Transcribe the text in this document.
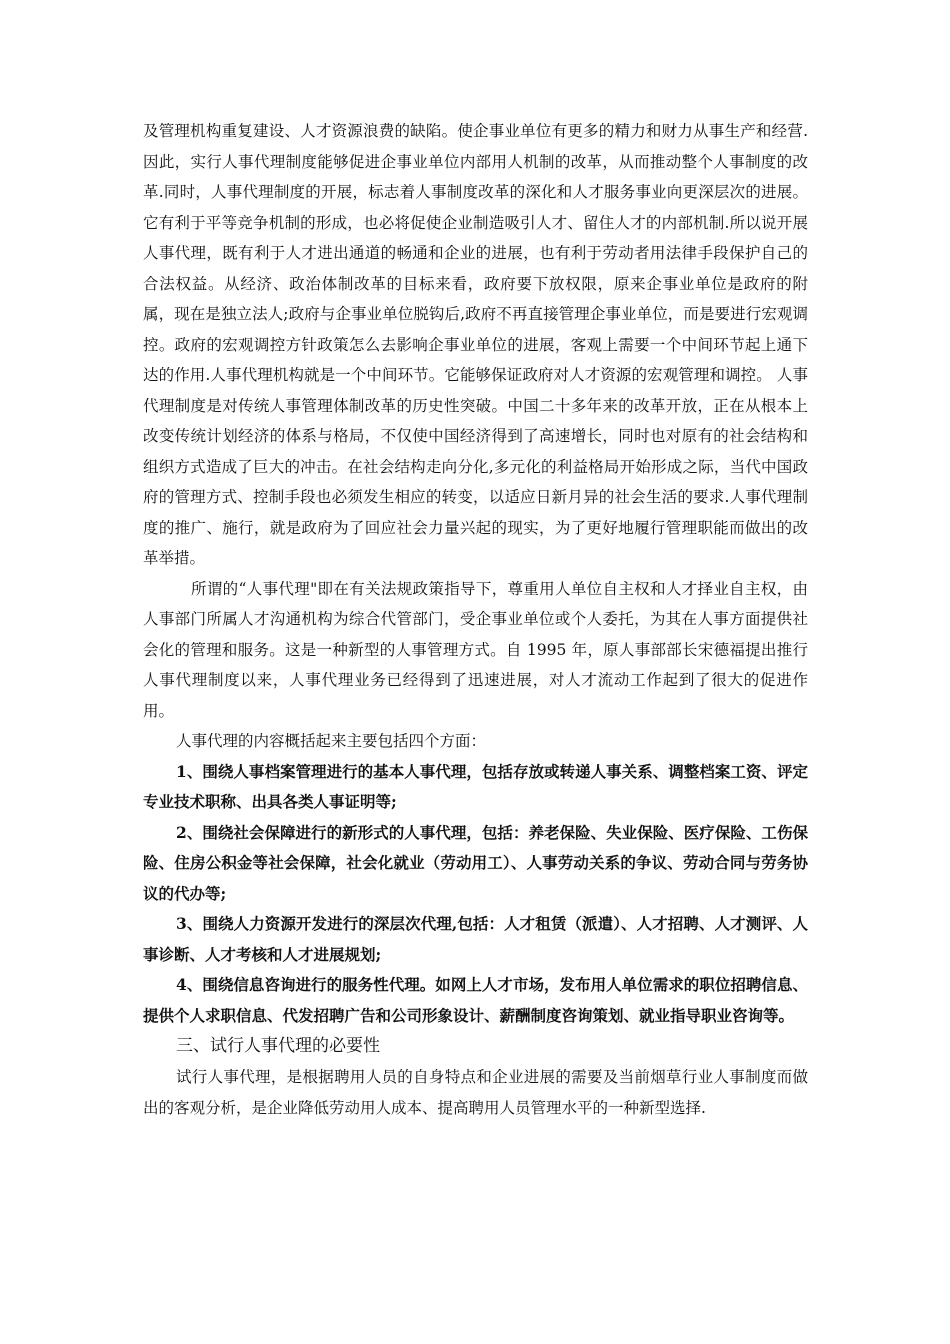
及管理机构重复建设、人才资源浪费的缺陷。使企事业单位有更多的精力和财力从事生产和经营.因此，实行人事代理制度能够促进企事业单位内部用人机制的改革，从而推动整个人事制度的改革.同时，人事代理制度的开展，标志着人事制度改革的深化和人才服务事业向更深层次的进展。它有利于平等竞争机制的形成，也必将促使企业制造吸引人才、留住人才的内部机制.所以说开展人事代理，既有利于人才进出通道的畅通和企业的进展，也有利于劳动者用法律手段保护自己的合法权益。从经济、政治体制改革的目标来看，政府要下放权限，原来企事业单位是政府的附属，现在是独立法人;政府与企事业单位脱钩后,政府不再直接管理企事业单位，而是要进行宏观调控。政府的宏观调控方针政策怎么去影响企事业单位的进展，客观上需要一个中间环节起上通下达的作用.人事代理机构就是一个中间环节。它能够保证政府对人才资源的宏观管理和调控。 人事代理制度是对传统人事管理体制改革的历史性突破。中国二十多年来的改革开放，正在从根本上改变传统计划经济的体系与格局，不仅使中国经济得到了高速增长，同时也对原有的社会结构和组织方式造成了巨大的冲击。在社会结构走向分化,多元化的利益格局开始形成之际，当代中国政府的管理方式、控制手段也必须发生相应的转变，以适应日新月异的社会生活的要求.人事代理制度的推广、施行，就是政府为了回应社会力量兴起的现实，为了更好地履行管理职能而做出的改革举措。

所谓的“人事代理"即在有关法规政策指导下，尊重用人单位自主权和人才择业自主权，由人事部门所属人才沟通机构为综合代管部门，受企事业单位或个人委托，为其在人事方面提供社会化的管理和服务。这是一种新型的人事管理方式。自 1995 年，原人事部部长宋德福提出推行人事代理制度以来，人事代理业务已经得到了迅速进展，对人才流动工作起到了很大的促进作用。

人事代理的内容概括起来主要包括四个方面：

1、围绕人事档案管理进行的基本人事代理，包括存放或转递人事关系、调整档案工资、评定专业技术职称、出具各类人事证明等;

2、围绕社会保障进行的新形式的人事代理，包括：养老保险、失业保险、医疗保险、工伤保险、住房公积金等社会保障，社会化就业（劳动用工）、人事劳动关系的争议、劳动合同与劳务协议的代办等;

3、围绕人力资源开发进行的深层次代理,包括：人才租赁（派遣）、人才招聘、人才测评、人事诊断、人才考核和人才进展规划;

4、围绕信息咨询进行的服务性代理。如网上人才市场，发布用人单位需求的职位招聘信息、提供个人求职信息、代发招聘广告和公司形象设计、薪酬制度咨询策划、就业指导职业咨询等。

三、试行人事代理的必要性

试行人事代理，是根据聘用人员的自身特点和企业进展的需要及当前烟草行业人事制度而做出的客观分析，是企业降低劳动用人成本、提高聘用人员管理水平的一种新型选择.
